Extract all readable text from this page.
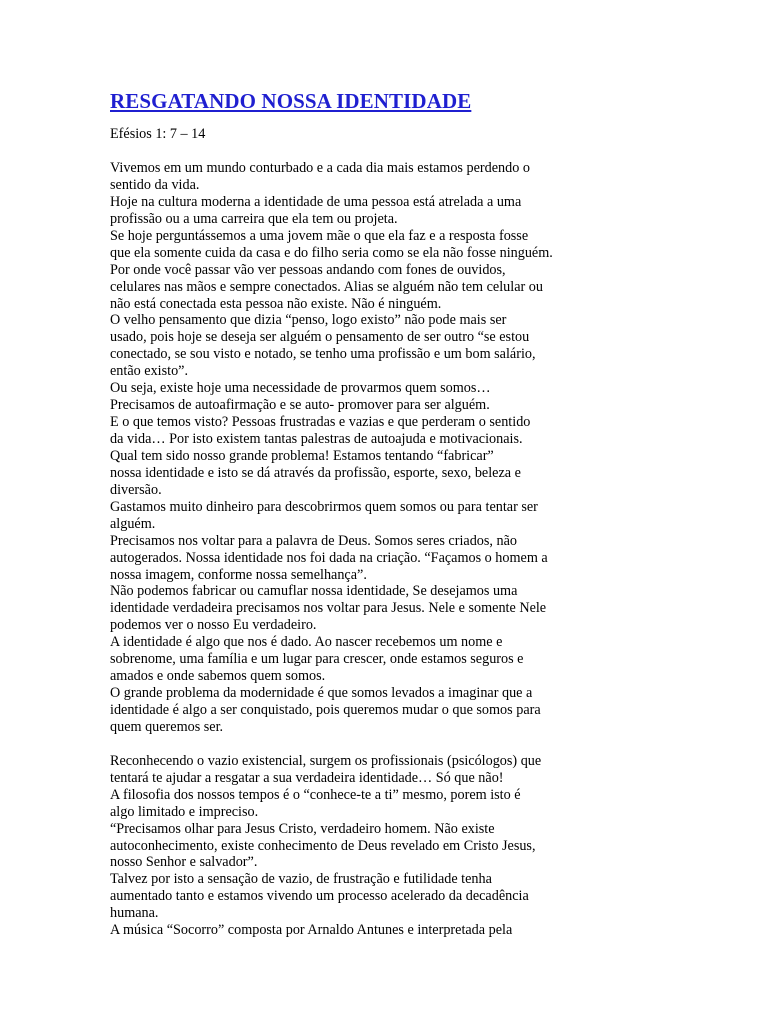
RESGATANDO NOSSA IDENTIDADE
Efésios 1: 7 – 14
Vivemos em um mundo conturbado e a cada dia mais estamos perdendo o
sentido da vida.
Hoje na cultura moderna a identidade de uma pessoa está atrelada a uma
profissão ou a uma carreira que ela tem ou projeta.
Se hoje perguntássemos a uma jovem mãe o que ela faz e a resposta fosse
que ela somente cuida da casa e do filho seria como se ela não fosse ninguém.
Por onde você passar vão ver pessoas andando com fones de ouvidos,
celulares nas mãos e sempre conectados. Alias se alguém não tem celular ou
não está conectada esta pessoa não existe. Não é ninguém.
O velho pensamento que dizia “penso, logo existo” não pode mais ser
usado, pois hoje se deseja ser alguém o pensamento de ser outro “se estou
conectado, se sou visto e notado, se tenho uma profissão e um bom salário,
então existo”.
Ou seja, existe hoje uma necessidade de provarmos quem somos…
Precisamos de autoafirmação e se auto- promover para ser alguém.
E o que temos visto? Pessoas frustradas e vazias e que perderam o sentido
da vida… Por isto existem tantas palestras de autoajuda e motivacionais.
Qual tem sido nosso grande problema! Estamos tentando “fabricar”
nossa identidade e isto se dá através da profissão, esporte, sexo, beleza e
diversão.
Gastamos muito dinheiro para descobrirmos quem somos ou para tentar ser
alguém.
Precisamos nos voltar para a palavra de Deus. Somos seres criados, não
autogerados. Nossa identidade nos foi dada na criação. “Façamos o homem a
nossa imagem, conforme nossa semelhança”.
Não podemos fabricar ou camuflar nossa identidade, Se desejamos uma
identidade verdadeira precisamos nos voltar para Jesus. Nele e somente Nele
podemos ver o nosso Eu verdadeiro.
A identidade é algo que nos é dado. Ao nascer recebemos um nome e
sobrenome, uma família e um lugar para crescer, onde estamos seguros e
amados e onde sabemos quem somos.
O grande problema da modernidade é que somos levados a imaginar que a
identidade é algo a ser conquistado, pois queremos mudar o que somos para
quem queremos ser.
Reconhecendo o vazio existencial, surgem os profissionais (psicólogos) que
tentará te ajudar a resgatar a sua verdadeira identidade… Só que não!
A filosofia dos nossos tempos é o “conhece-te a ti” mesmo, porem isto é
algo limitado e impreciso.
“Precisamos olhar para Jesus Cristo, verdadeiro homem. Não existe
autoconhecimento, existe conhecimento de Deus revelado em Cristo Jesus,
nosso Senhor e salvador”.
Talvez por isto a sensação de vazio, de frustração e futilidade tenha
aumentado tanto e estamos vivendo um processo acelerado da decadência
humana.
A música “Socorro” composta por Arnaldo Antunes e interpretada pela
